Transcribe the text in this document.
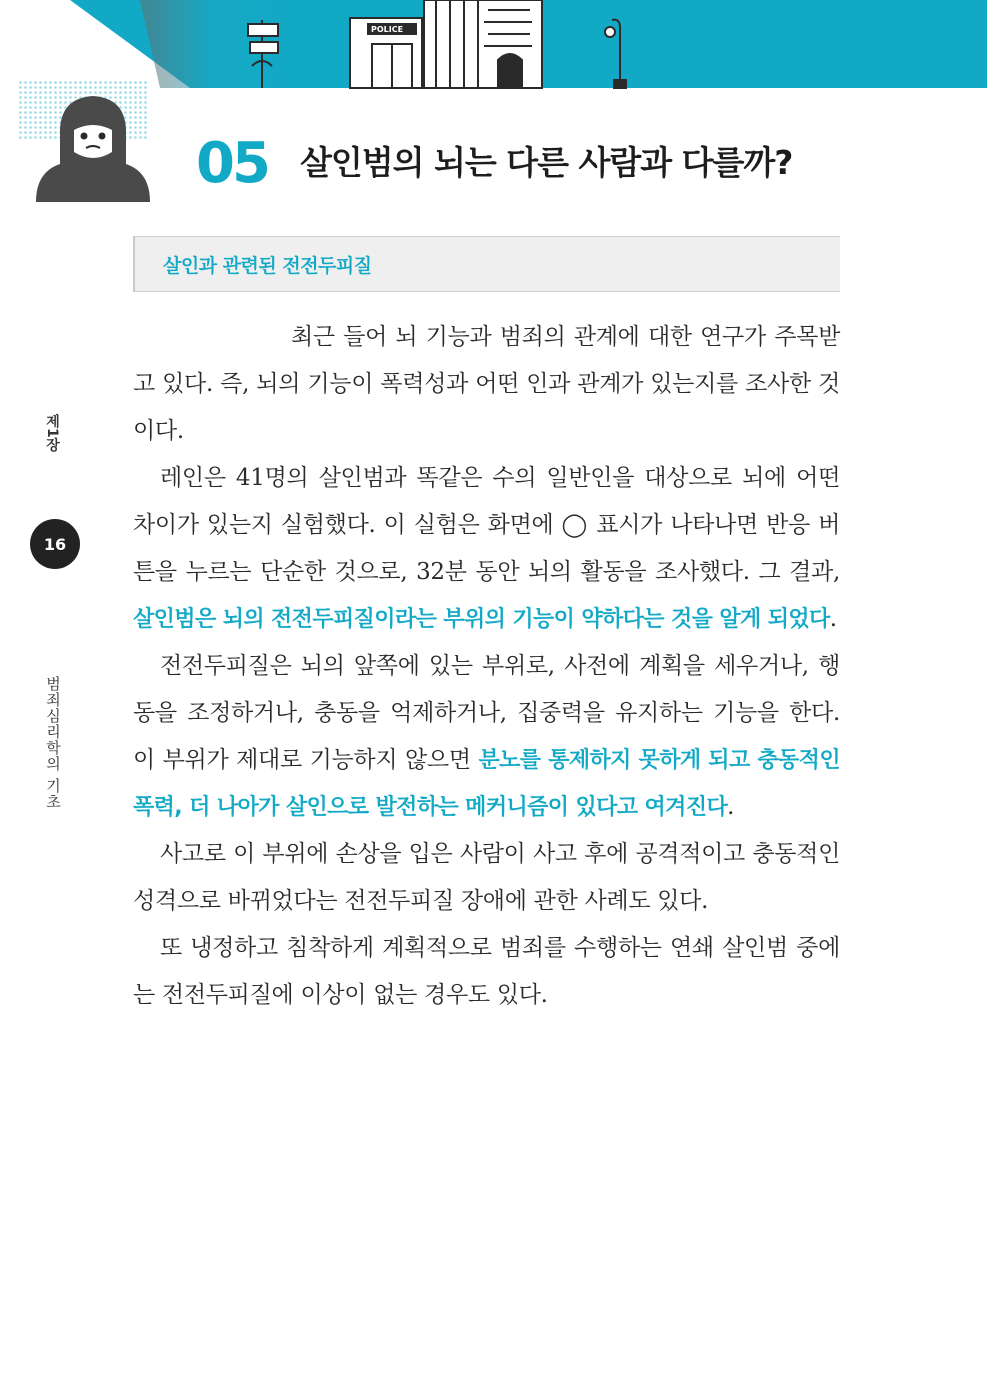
POLICE
05 살인범의 뇌는 다른 사람과 다를까?
살인과 관련된 전전두피질
제1장
16
범죄심리학의 기초

최근 들어 뇌 기능과 범죄의 관계에 대한 연구가 주목받고 있다. 즉, 뇌의 기능이 폭력성과 어떤 인과 관계가 있는지를 조사한 것이다.

레인은 41명의 살인범과 똑같은 수의 일반인을 대상으로 뇌에 어떤 차이가 있는지 실험했다. 이 실험은 화면에 ◯ 표시가 나타나면 반응 버튼을 누르는 단순한 것으로, 32분 동안 뇌의 활동을 조사했다. 그 결과, 살인범은 뇌의 전전두피질이라는 부위의 기능이 약하다는 것을 알게 되었다.

전전두피질은 뇌의 앞쪽에 있는 부위로, 사전에 계획을 세우거나, 행동을 조정하거나, 충동을 억제하거나, 집중력을 유지하는 기능을 한다. 이 부위가 제대로 기능하지 않으면 분노를 통제하지 못하게 되고 충동적인 폭력, 더 나아가 살인으로 발전하는 메커니즘이 있다고 여겨진다.

사고로 이 부위에 손상을 입은 사람이 사고 후에 공격적이고 충동적인 성격으로 바뀌었다는 전전두피질 장애에 관한 사례도 있다.

또 냉정하고 침착하게 계획적으로 범죄를 수행하는 연쇄 살인범 중에는 전전두피질에 이상이 없는 경우도 있다.
